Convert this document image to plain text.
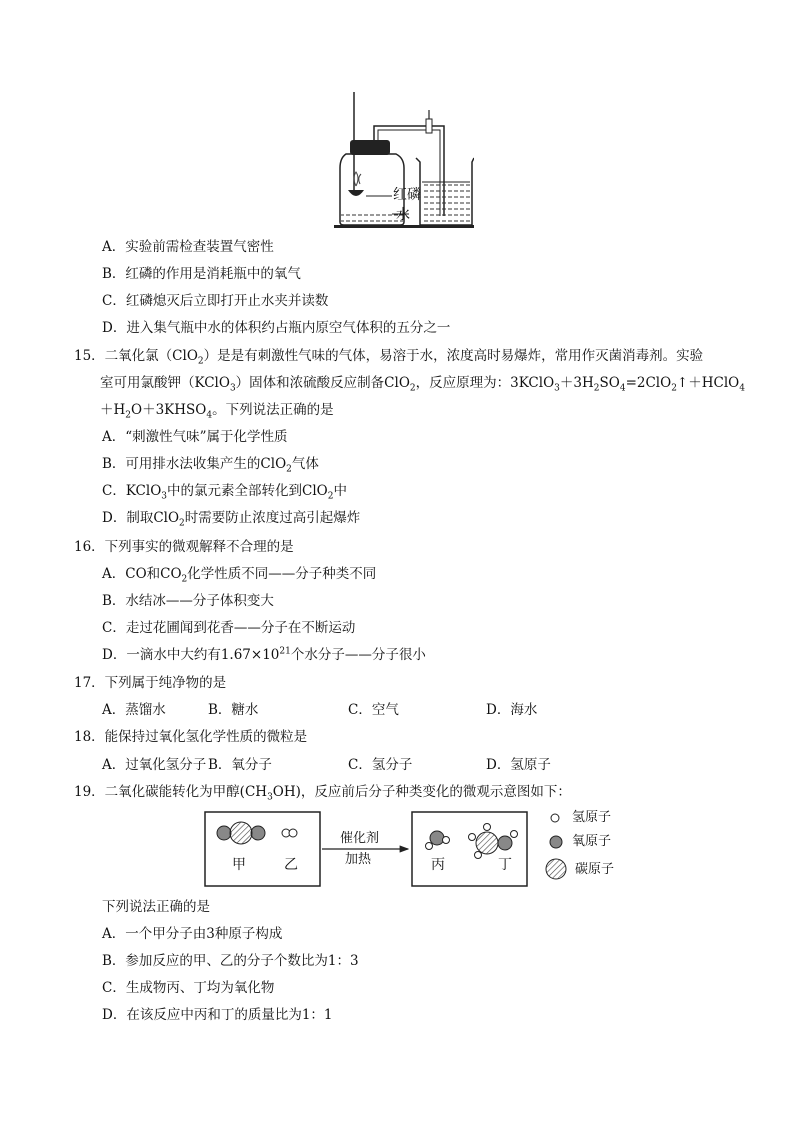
红磷
水
A．实验前需检查装置气密性
B．红磷的作用是消耗瓶中的氧气
C．红磷熄灭后立即打开止水夹并读数
D．进入集气瓶中水的体积约占瓶内原空气体积的五分之一
15．二氧化氯（ClO$_2$）是是有刺激性气味的气体，易溶于水，浓度高时易爆炸，常用作灭菌消毒剂。实验
室可用氯酸钾（KClO$_3$）固体和浓硫酸反应制备ClO$_2$，反应原理为：$3KClO_3+3H_2SO_4=2ClO_2↑+HClO_4$
$+H_2O+3KHSO_4$。下列说法正确的是
A．“刺激性气味”属于化学性质
B．可用排水法收集产生的ClO$_2$气体
C．KClO$_3$中的氯元素全部转化到ClO$_2$中
D．制取ClO$_2$时需要防止浓度过高引起爆炸
16．下列事实的微观解释不合理的是
A．CO和$CO_2$化学性质不同——分子种类不同
B．水结冰——分子体积变大
C．走过花圃闻到花香——分子在不断运动
D．一滴水中大约有$1.67\times 10^{21}$个水分子——分子很小
17．下列属于纯净物的是
A．蒸馏水	B．糖水	C．空气	D．海水
18．能保持过氧化氢化学性质的微粒是
A．过氧化氢分子 B．氧分子	C．氢分子	D．氢原子
19．二氧化碳能转化为甲醇$(CH_3OH)$，反应前后分子种类变化的微观示意图如下：
甲	乙
催化剂
加热	丙	丁
氢原子
氧原子
碳原子
下列说法正确的是
A．一个甲分子由3种原子构成
B．参加反应的甲、乙的分子个数比为1：3
C．生成物丙、丁均为氧化物
D．在该反应中丙和丁的质量比为1：1
